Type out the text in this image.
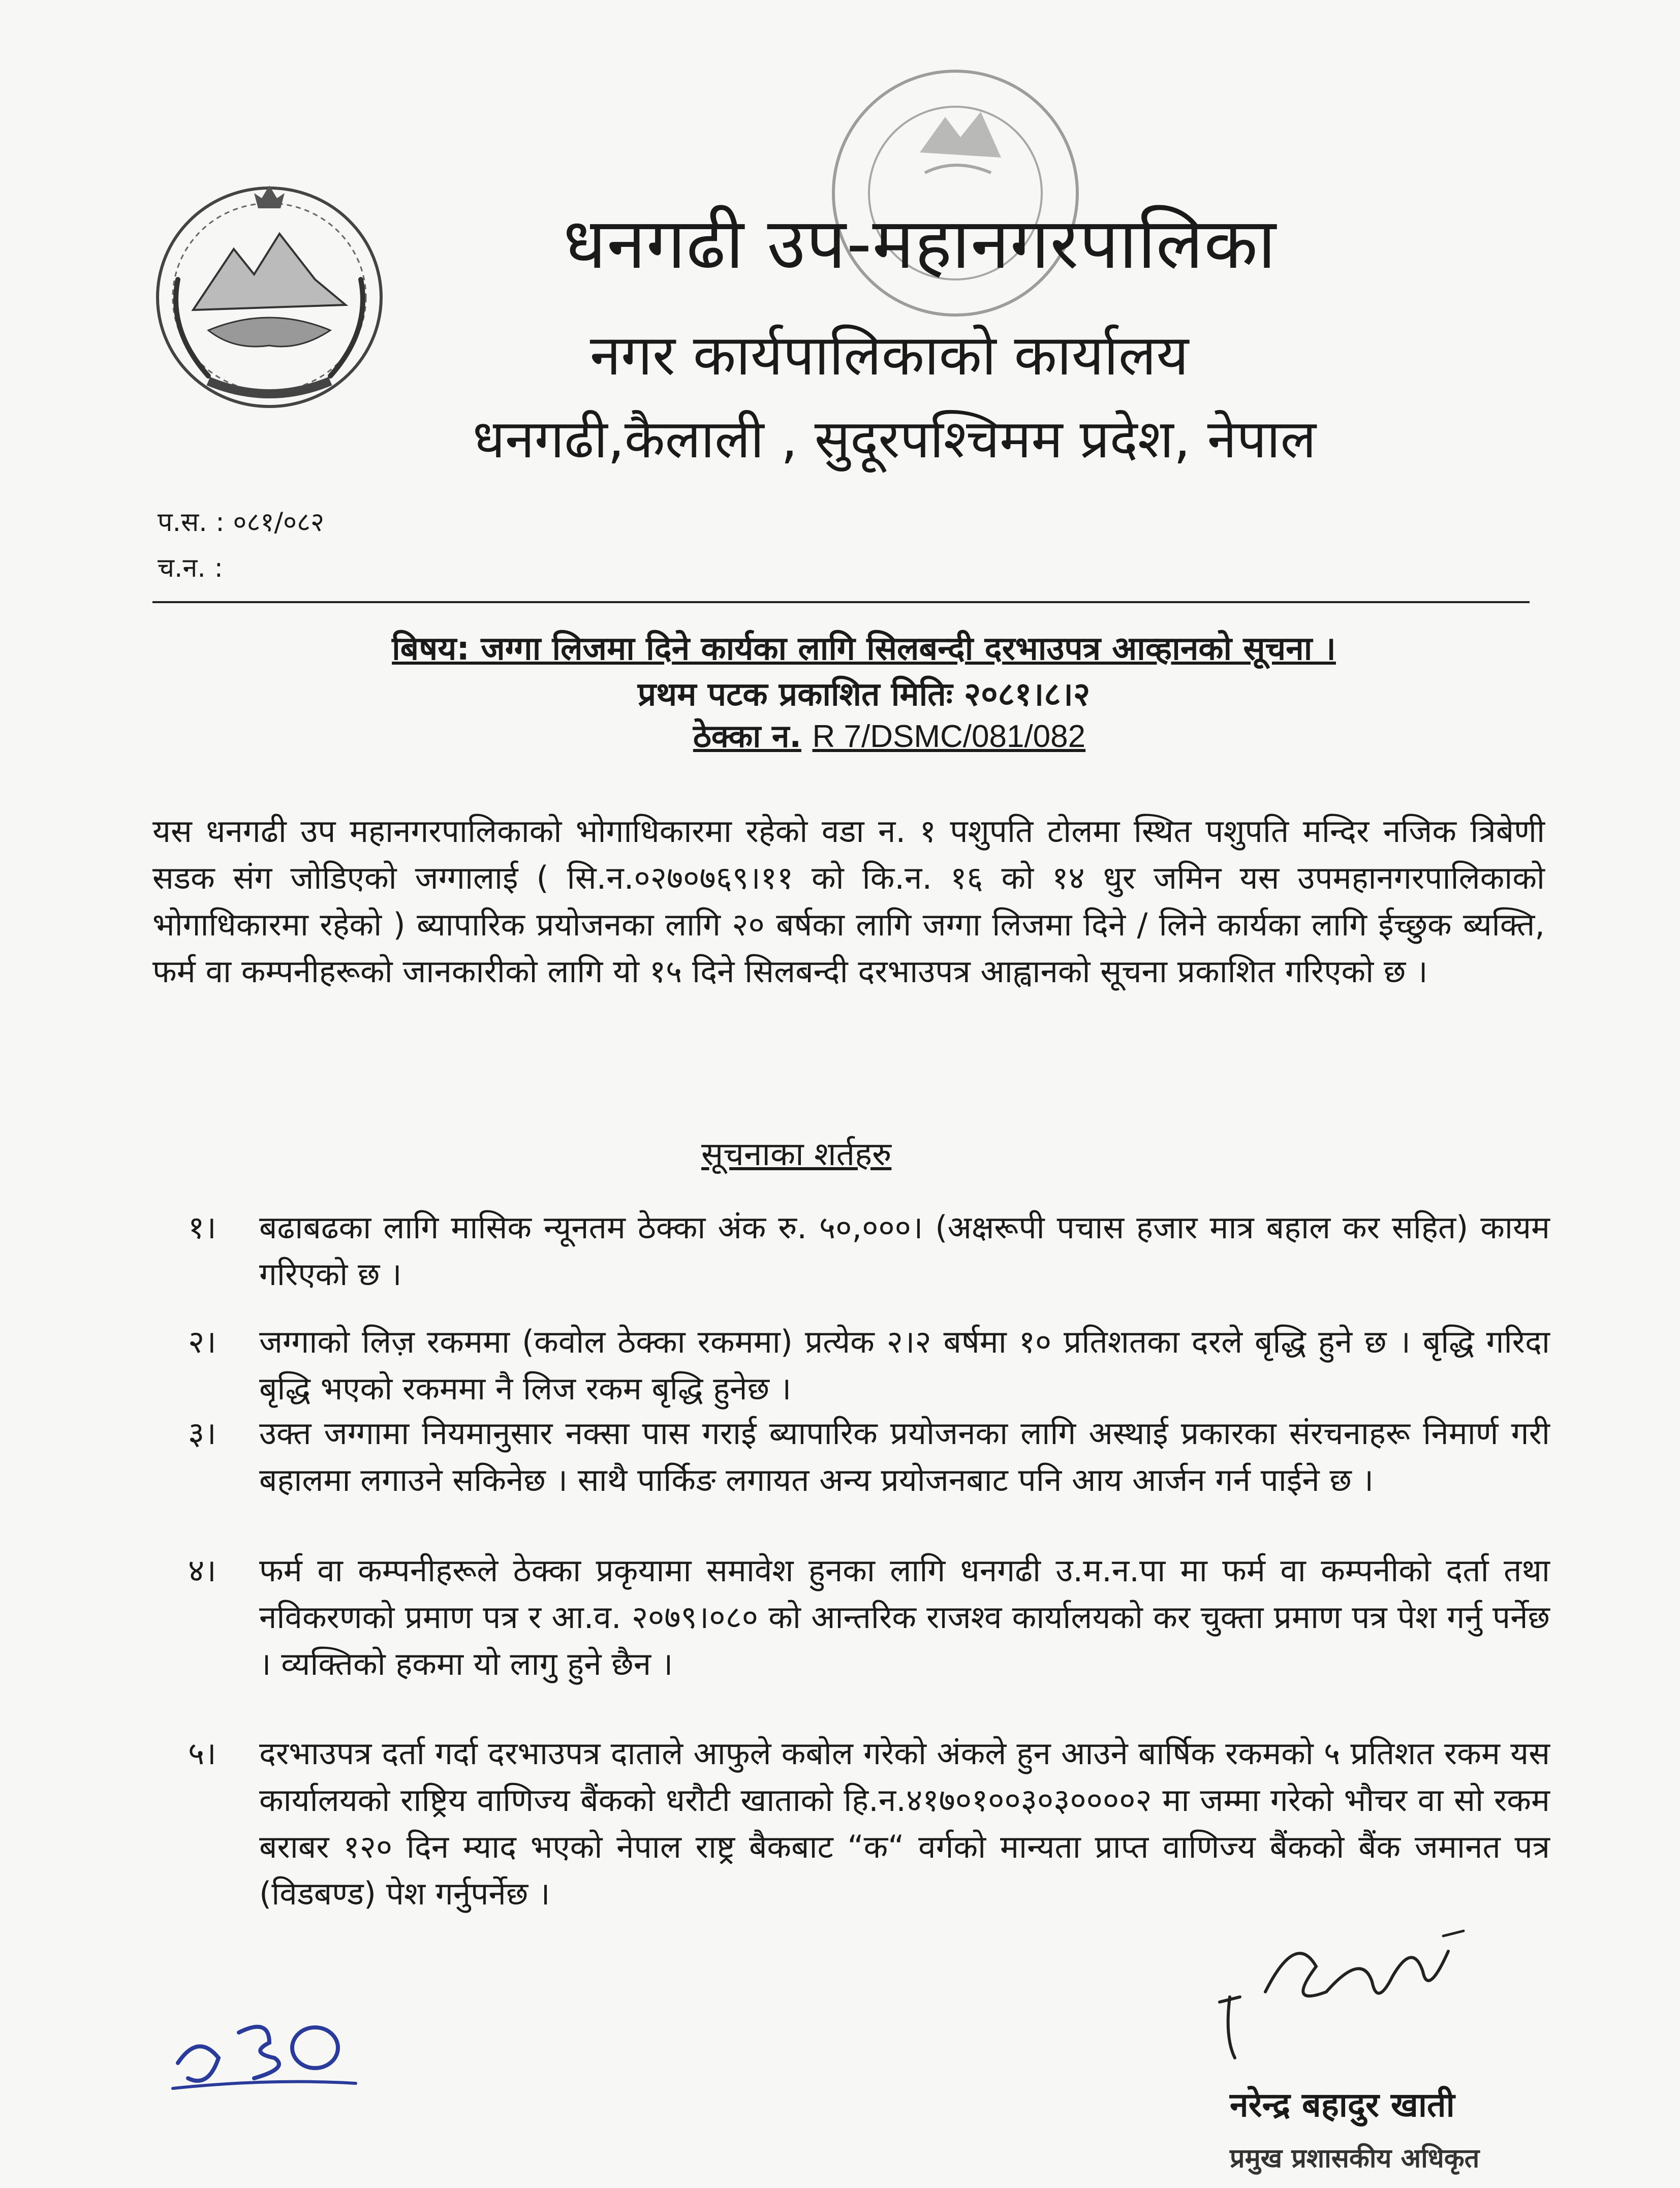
धनगढी उप-महानगरपालिका
नगर कार्यपालिकाको कार्यालय
धनगढी,कैलाली , सुदूरपश्चिमम प्रदेश, नेपाल
प.स. : ०८१/०८२
च.न. :
बिषय: जग्गा लिजमा दिने कार्यका लागि सिलबन्दी दरभाउपत्र आव्हानको सूचना ।
प्रथम पटक प्रकाशित मितिः २०८१।८।२
ठेक्का न. R 7/DSMC/081/082
यस धनगढी उप महानगरपालिकाको भोगाधिकारमा रहेको वडा न. १ पशुपति टोलमा स्थित पशुपति मन्दिर नजिक त्रिबेणी सडक संग जोडिएको जग्गालाई ( सि.न.०२७०७६९।११ को कि.न. १६ को १४ धुर जमिन यस उपमहानगरपालिकाको भोगाधिकारमा रहेको ) ब्यापारिक प्रयोजनका लागि २० बर्षका लागि जग्गा लिजमा दिने / लिने कार्यका लागि ईच्छुक ब्यक्ति, फर्म वा कम्पनीहरूको जानकारीको लागि यो १५ दिने सिलबन्दी दरभाउपत्र आह्वानको सूचना प्रकाशित गरिएको छ ।
सूचनाका शर्तहरु
१।	बढाबढका लागि मासिक न्यूनतम ठेक्का अंक रु. ५०,०००। (अक्षरूपी पचास हजार मात्र बहाल कर सहित) कायम गरिएको छ ।
२।	जग्गाको लिज़ रकममा (कवोल ठेक्का रकममा) प्रत्येक २।२ बर्षमा १० प्रतिशतका दरले बृद्धि हुने छ । बृद्धि गरिदा बृद्धि भएको रकममा नै लिज रकम बृद्धि हुनेछ ।
३।	उक्त जग्गामा नियमानुसार नक्सा पास गराई ब्यापारिक प्रयोजनका लागि अस्थाई प्रकारका संरचनाहरू निमार्ण गरी बहालमा लगाउने सकिनेछ । साथै पार्किङ लगायत अन्य प्रयोजनबाट पनि आय आर्जन गर्न पाईने छ ।
४।	फर्म वा कम्पनीहरूले ठेक्का प्रकृयामा समावेश हुनका लागि धनगढी उ.म.न.पा मा फर्म वा कम्पनीको दर्ता तथा नविकरणको प्रमाण पत्र र आ.व. २०७९।०८० को आन्तरिक राजश्व कार्यालयको कर चुक्ता प्रमाण पत्र पेश गर्नु पर्नेछ । व्यक्तिको हकमा यो लागु हुने छैन ।
५।	दरभाउपत्र दर्ता गर्दा दरभाउपत्र दाताले आफुले कबोल गरेको अंकले हुन आउने बार्षिक रकमको ५ प्रतिशत रकम यस कार्यालयको राष्ट्रिय वाणिज्य बैंकको धरौटी खाताको हि.न.४१७०१००३०३००००२ मा जम्मा गरेको भौचर वा सो रकम बराबर १२० दिन म्याद भएको नेपाल राष्ट्र बैकबाट “क“ वर्गको मान्यता प्राप्त वाणिज्य बैंकको बैंक जमानत पत्र (विडबण्ड) पेश गर्नुपर्नेछ ।
नरेन्द्र बहादुर खाती
प्रमुख प्रशासकीय अधिकृत
